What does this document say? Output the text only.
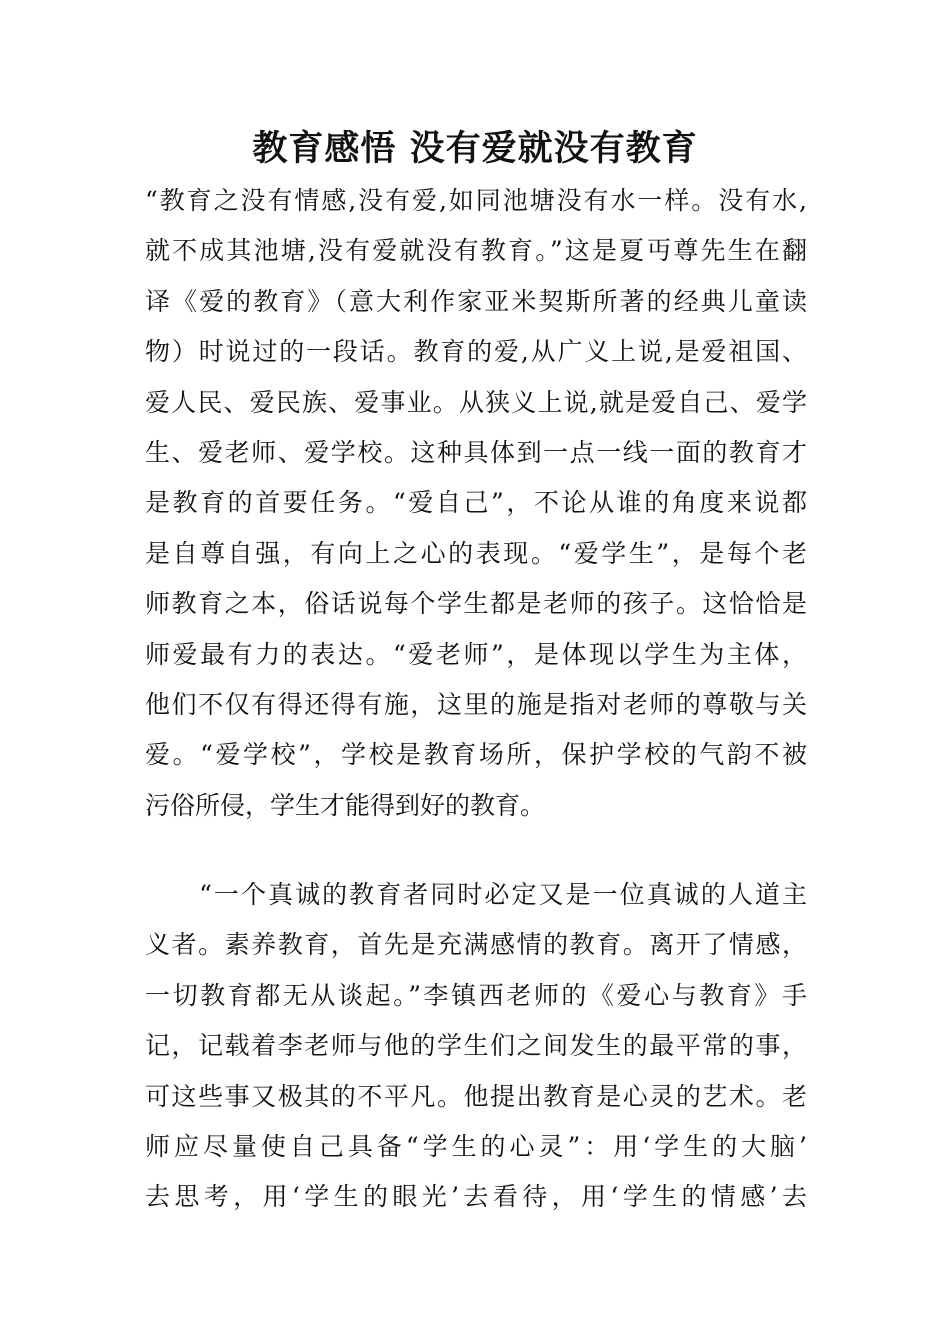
教育感悟 没有爱就没有教育
“教育之没有情感,没有爱,如同池塘没有水一样。没有水,
就不成其池塘,没有爱就没有教育。”这是夏丏尊先生在翻
译《爱的教育》（意大利作家亚米契斯所著的经典儿童读
物）时说过的一段话。教育的爱,从广义上说,是爱祖国、
爱人民、爱民族、爱事业。从狭义上说,就是爱自己、爱学
生、爱老师、爱学校。这种具体到一点一线一面的教育才
是教育的首要任务。“爱自己”，不论从谁的角度来说都
是自尊自强，有向上之心的表现。“爱学生”，是每个老
师教育之本，俗话说每个学生都是老师的孩子。这恰恰是
师爱最有力的表达。“爱老师”，是体现以学生为主体，
他们不仅有得还得有施，这里的施是指对老师的尊敬与关
爱。“爱学校”，学校是教育场所，保护学校的气韵不被
污俗所侵，学生才能得到好的教育。
　　“一个真诚的教育者同时必定又是一位真诚的人道主
义者。素养教育，首先是充满感情的教育。离开了情感，
一切教育都无从谈起。”李镇西老师的《爱心与教育》手
记，记载着李老师与他的学生们之间发生的最平常的事，
可这些事又极其的不平凡。他提出教育是心灵的艺术。老
师应尽量使自己具备“学生的心灵”：用‘学生的大脑’
去思考，用‘学生的眼光’去看待，用‘学生的情感’去
